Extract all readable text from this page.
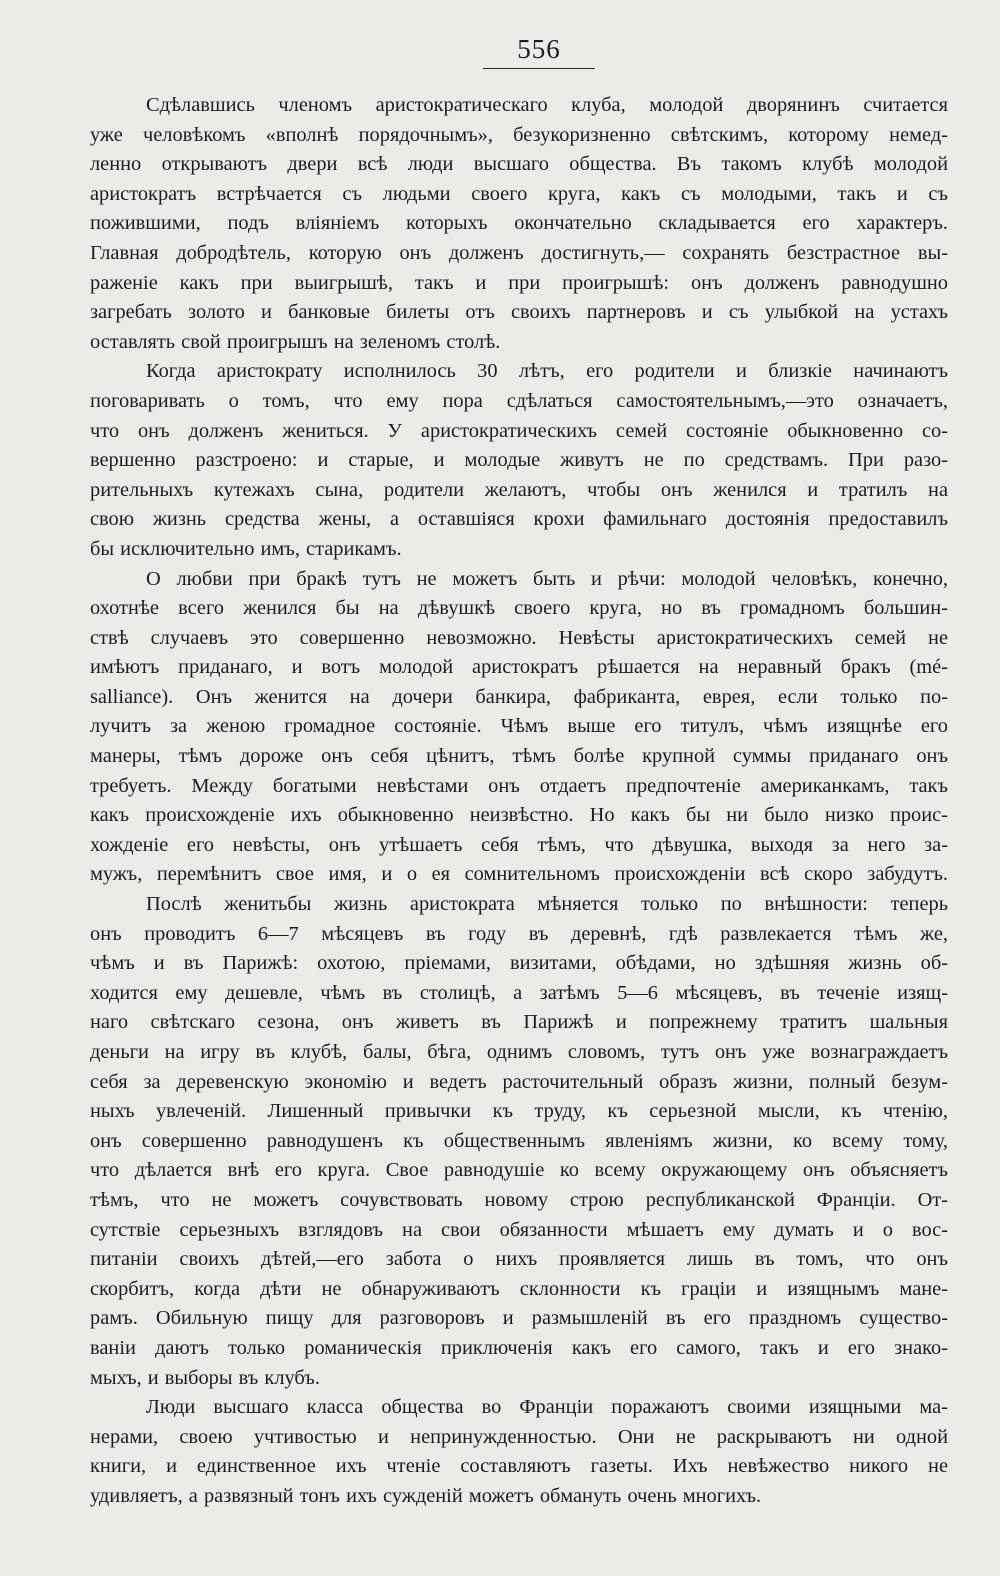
556
Сдѣлавшись членомъ аристократическаго клуба, молодой дворянинъ считается
уже человѣкомъ «вполнѣ порядочнымъ», безукоризненно свѣтскимъ, которому немед-
ленно открываютъ двери всѣ люди высшаго общества. Въ такомъ клубѣ молодой
аристократъ встрѣчается съ людьми своего круга, какъ съ молодыми, такъ и съ
пожившими, подъ вліяніемъ которыхъ окончательно складывается его характеръ.
Главная добродѣтель, которую онъ долженъ достигнуть,— сохранять безстрастное вы-
раженіе какъ при выигрышѣ, такъ и при проигрышѣ: онъ долженъ равнодушно
загребать золото и банковые билеты отъ своихъ партнеровъ и съ улыбкой на устахъ
оставлять свой проигрышъ на зеленомъ столѣ.
Когда аристократу исполнилось 30 лѣтъ, его родители и близкіе начинаютъ
поговаривать о томъ, что ему пора сдѣлаться самостоятельнымъ,—это означаетъ,
что онъ долженъ жениться. У аристократическихъ семей состояніе обыкновенно со-
вершенно разстроено: и старые, и молодые живутъ не по средствамъ. При разо-
рительныхъ кутежахъ сына, родители желаютъ, чтобы онъ женился и тратилъ на
свою жизнь средства жены, а оставшіяся крохи фамильнаго достоянія предоставилъ
бы исключительно имъ, старикамъ.
О любви при бракѣ тутъ не можетъ быть и рѣчи: молодой человѣкъ, конечно,
охотнѣе всего женился бы на дѣвушкѣ своего круга, но въ громадномъ большин-
ствѣ случаевъ это совершенно невозможно. Невѣсты аристократическихъ семей не
имѣютъ приданаго, и вотъ молодой аристократъ рѣшается на неравный бракъ (mé-
salliance). Онъ женится на дочери банкира, фабриканта, еврея, если только по-
лучитъ за женою громадное состояніе. Чѣмъ выше его титулъ, чѣмъ изящнѣе его
манеры, тѣмъ дороже онъ себя цѣнитъ, тѣмъ болѣе крупной суммы приданаго онъ
требуетъ. Между богатыми невѣстами онъ отдаетъ предпочтеніе американкамъ, такъ
какъ происхожденіе ихъ обыкновенно неизвѣстно. Но какъ бы ни было низко проис-
хожденіе его невѣсты, онъ утѣшаетъ себя тѣмъ, что дѣвушка, выходя за него за-
мужъ, перемѣнитъ свое имя, и о ея сомнительномъ происхожденіи всѣ скоро забудутъ.
Послѣ женитьбы жизнь аристократа мѣняется только по внѣшности: теперь
онъ проводитъ 6—7 мѣсяцевъ въ году въ деревнѣ, гдѣ развлекается тѣмъ же,
чѣмъ и въ Парижѣ: охотою, пріемами, визитами, обѣдами, но здѣшняя жизнь об-
ходится ему дешевле, чѣмъ въ столицѣ, а затѣмъ 5—6 мѣсяцевъ, въ теченіе изящ-
наго свѣтскаго сезона, онъ живетъ въ Парижѣ и попрежнему тратитъ шальныя
деньги на игру въ клубѣ, балы, бѣга, однимъ словомъ, тутъ онъ уже вознаграждаетъ
себя за деревенскую экономію и ведетъ расточительный образъ жизни, полный безум-
ныхъ увлеченій. Лишенный привычки къ труду, къ серьезной мысли, къ чтенію,
онъ совершенно равнодушенъ къ общественнымъ явленіямъ жизни, ко всему тому,
что дѣлается внѣ его круга. Свое равнодушіе ко всему окружающему онъ объясняетъ
тѣмъ, что не можетъ сочувствовать новому строю республиканской Франціи. От-
сутствіе серьезныхъ взглядовъ на свои обязанности мѣшаетъ ему думать и о вос-
питаніи своихъ дѣтей,—его забота о нихъ проявляется лишь въ томъ, что онъ
скорбитъ, когда дѣти не обнаруживаютъ склонности къ граціи и изящнымъ мане-
рамъ. Обильную пищу для разговоровъ и размышленій въ его праздномъ существо-
ваніи даютъ только романическія приключенія какъ его самого, такъ и его знако-
мыхъ, и выборы въ клубъ.
Люди высшаго класса общества во Франціи поражаютъ своими изящными ма-
нерами, своею учтивостью и непринужденностью. Они не раскрываютъ ни одной
книги, и единственное ихъ чтеніе составляютъ газеты. Ихъ невѣжество никого не
удивляетъ, а развязный тонъ ихъ сужденій можетъ обмануть очень многихъ.
